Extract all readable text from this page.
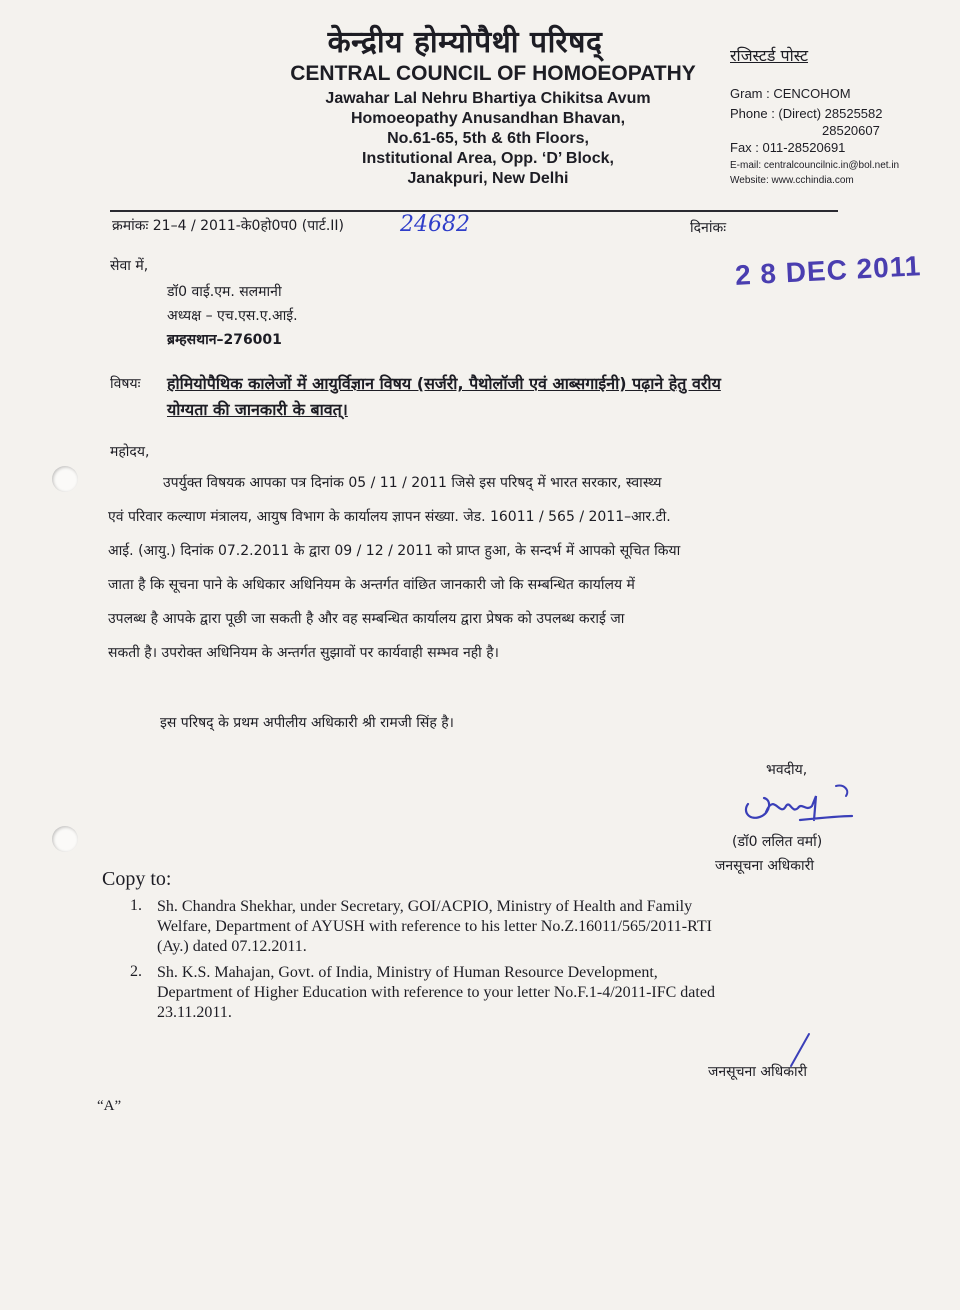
केन्द्रीय होम्योपैथी परिषद्
CENTRAL COUNCIL OF HOMOEOPATHY
Jawahar Lal Nehru Bhartiya Chikitsa Avum
Homoeopathy Anusandhan Bhavan,
No.61-65, 5th & 6th Floors,
Institutional Area, Opp. ‘D’ Block,
Janakpuri, New Delhi
रजिस्टर्ड पोस्ट
Gram : CENCOHOM
Phone : (Direct) 28525582
28520607
Fax : 011-28520691
E-mail: centralcouncilnic.in@bol.net.in
Website: www.cchindia.com
क्रमांकः 21–4 / 2011-के0हो0प0 (पार्ट.II)	24682	दिनांकः
2 8 DEC 2011
सेवा में,
डॉ0 वाई.एम. सलमानी
अध्यक्ष – एच.एस.ए.आई.
ब्रम्हसथान–276001
विषयः होमियोपैथिक कालेजों में आयुर्विज्ञान विषय (सर्जरी, पैथोलॉजी एवं आब्सगाईनी) पढ़ाने हेतु वरीय
योग्यता की जानकारी के बावत्।
महोदय,
उपर्युक्त विषयक आपका पत्र दिनांक 05 / 11 / 2011 जिसे इस परिषद् में भारत सरकार, स्वास्थ्य
एवं परिवार कल्याण मंत्रालय, आयुष विभाग के कार्यालय ज्ञापन संख्या. जेड. 16011 / 565 / 2011–आर.टी.
आई. (आयु.) दिनांक 07.2.2011 के द्वारा 09 / 12 / 2011 को प्राप्त हुआ, के सन्दर्भ में आपको सूचित किया
जाता है कि सूचना पाने के अधिकार अधिनियम के अन्तर्गत वांछित जानकारी जो कि सम्बन्धित कार्यालय में
उपलब्ध है आपके द्वारा पूछी जा सकती है और वह सम्बन्धित कार्यालय द्वारा प्रेषक को उपलब्ध कराई जा
सकती है। उपरोक्त अधिनियम के अन्तर्गत सुझावों पर कार्यवाही सम्भव नही है।
इस परिषद् के प्रथम अपीलीय अधिकारी श्री रामजी सिंह है।
भवदीय,
(डॉ0 ललित वर्मा)
जनसूचना अधिकारी
Copy to:
1. Sh. Chandra Shekhar, under Secretary, GOI/ACPIO, Ministry of Health and Family
Welfare, Department of AYUSH with reference to his letter No.Z.16011/565/2011-RTI
(Ay.) dated 07.12.2011.
2. Sh. K.S. Mahajan, Govt. of India, Ministry of Human Resource Development,
Department of Higher Education with reference to your letter No.F.1-4/2011-IFC dated
23.11.2011.
जनसूचना अधिकारी
“A”
